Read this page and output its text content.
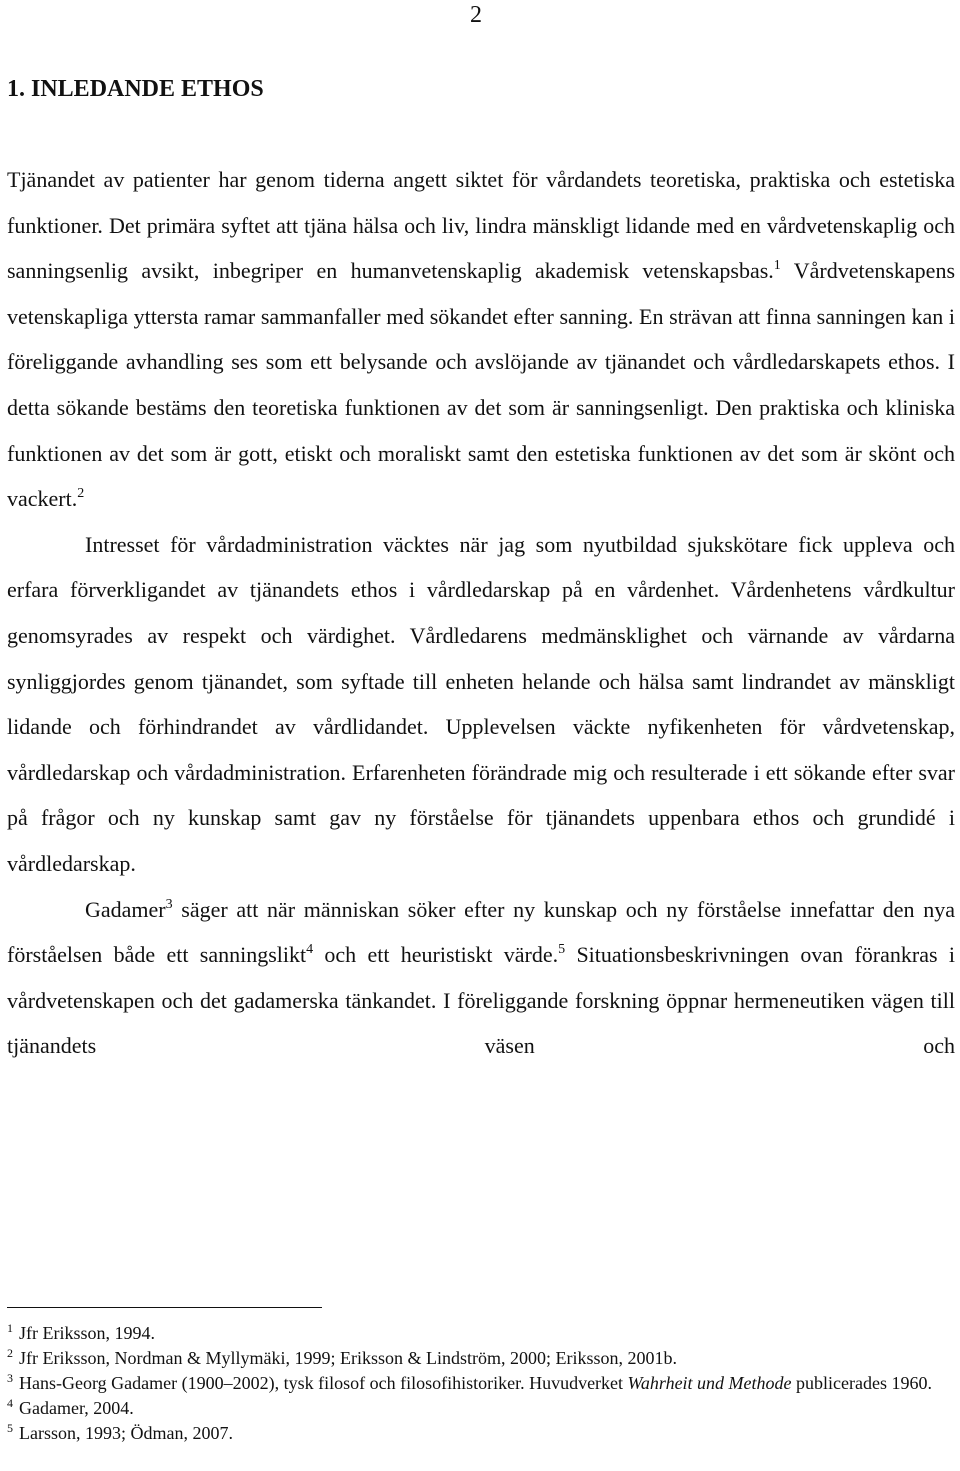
2
1. INLEDANDE ETHOS

Tjänandet av patienter har genom tiderna angett siktet för vårdandets teoretiska, praktiska och estetiska funktioner. Det primära syftet att tjäna hälsa och liv, lindra mänskligt lidande med en vårdvetenskaplig och sanningsenlig avsikt, inbegriper en humanvetenskaplig akademisk vetenskapsbas.$^1$ Vårdvetenskapens vetenskapliga yttersta ramar sammanfaller med sökandet efter sanning. En strävan att finna sanningen kan i föreliggande avhandling ses som ett belysande och avslöjande av tjänandet och vårdledarskapets ethos. I detta sökande bestäms den teoretiska funktionen av det som är sanningsenligt. Den praktiska och kliniska funktionen av det som är gott, etiskt och moraliskt samt den estetiska funktionen av det som är skönt och vackert.$^2$

Intresset för vårdadministration väcktes när jag som nyutbildad sjukskötare fick uppleva och erfara förverkligandet av tjänandets ethos i vårdledarskap på en vårdenhet. Vårdenhetens vårdkultur genomsyrades av respekt och värdighet. Vårdledarens medmänsklighet och värnande av vårdarna synliggjordes genom tjänandet, som syftade till enheten helande och hälsa samt lindrandet av mänskligt lidande och förhindrandet av vårdlidandet. Upplevelsen väckte nyfikenheten för vårdvetenskap, vårdledarskap och vårdadministration. Erfarenheten förändrade mig och resulterade i ett sökande efter svar på frågor och ny kunskap samt gav ny förståelse för tjänandets uppenbara ethos och grundidé i vårdledarskap.

Gadamer$^3$ säger att när människan söker efter ny kunskap och ny förståelse innefattar den nya förståelsen både ett sanningslikt$^4$ och ett heuristiskt värde.$^5$ Situationsbeskrivningen ovan förankras i vårdvetenskapen och det gadamerska tänkandet. I föreliggande forskning öppnar hermeneutiken vägen till tjänandets väsen och

$^1$ Jfr Eriksson, 1994.

$^2$ Jfr Eriksson, Nordman & Myllymäki, 1999; Eriksson & Lindström, 2000; Eriksson, 2001b.

$^3$ Hans-Georg Gadamer (1900–2002), tysk filosof och filosofihistoriker. Huvudverket Wahrheit und Methode publicerades 1960.

$^4$ Gadamer, 2004.

$^5$ Larsson, 1993; Ödman, 2007.
